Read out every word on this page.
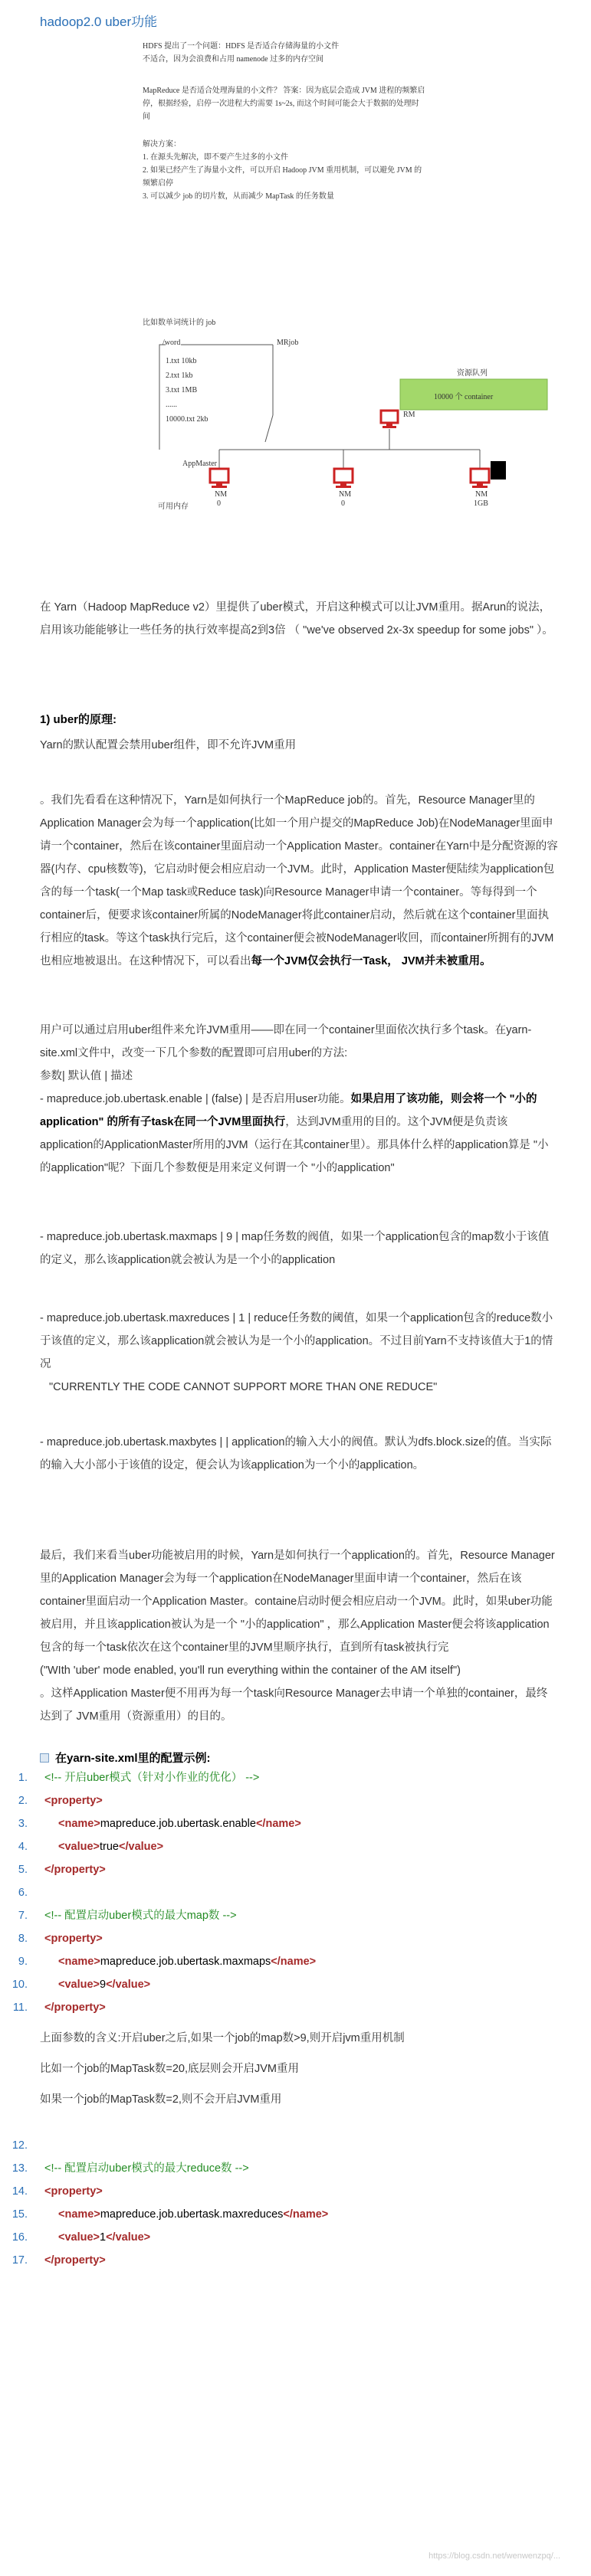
hadoop2.0 uber功能
HDFS 提出了一个问题：HDFS 是否适合存储海量的小文件
不适合，因为会浪费和占用 namenode 过多的内存空间
MapReduce 是否适合处理海量的小文件？ 答案：因为底层会造成 JVM 进程的频繁启
停，根据经验，启停一次进程大约需要 1s~2s, 而这个时间可能会大于数据的处理时
间
解决方案：
1. 在源头先解决，即不要产生过多的小文件
2. 如果已经产生了海量小文件，可以开启 Hadoop JVM 重用机制，可以避免 JVM 的
频繁启停
3. 可以减少 job 的切片数，从而减少 MapTask 的任务数量
比如数单词统计的 job
/word	MRjob
1.txt 10kb
2.txt 1kb
3.txt 1MB
......
10000.txt 2kb
资源队列
10000 个 container
RM
AppMaster
NM	NM	NM
可用内存	0	0	1GB

在 Yarn（Hadoop MapReduce v2）里提供了uber模式，开启这种模式可以让JVM重用。据Arun的说法，启用该功能能够让一些任务的执行效率提高2到3倍 （ "we've observed 2x-3x speedup for some jobs" ）。

1) uber的原理:

Yarn的默认配置会禁用uber组件，即不允许JVM重用

。我们先看看在这种情况下，Yarn是如何执行一个MapReduce job的。首先，Resource Manager里的Application Manager会为每一个application(比如一个用户提交的MapReduce Job)在NodeManager里面申请一个container，然后在该container里面启动一个Application Master。container在Yarn中是分配资源的容器(内存、cpu核数等)，它启动时便会相应启动一个JVM。此时，Application Master便陆续为application包含的每一个task(一个Map task或Reduce task)向Resource Manager申请一个container。等每得到一个container后，便要求该container所属的NodeManager将此container启动，然后就在这个container里面执行相应的task。等这个task执行完后，这个container便会被NodeManager收回，而container所拥有的JVM也相应地被退出。在这种情况下，可以看出每一个JVM仅会执行一Task， JVM并未被重用。

用户可以通过启用uber组件来允许JVM重用——即在同一个container里面依次执行多个task。在yarn-site.xml文件中，改变一下几个参数的配置即可启用uber的方法:

参数| 默认值 | 描述

- mapreduce.job.ubertask.enable | (false) | 是否启用user功能。如果启用了该功能，则会将一个 "小的application" 的所有子task在同一个JVM里面执行，达到JVM重用的目的。这个JVM便是负责该application的ApplicationMaster所用的JVM（运行在其container里）。那具体什么样的application算是 "小的application"呢？下面几个参数便是用来定义何谓一个 "小的application"

- mapreduce.job.ubertask.maxmaps | 9 | map任务数的阀值，如果一个application包含的map数小于该值的定义，那么该application就会被认为是一个小的application

- mapreduce.job.ubertask.maxreduces | 1 | reduce任务数的阈值，如果一个application包含的reduce数小于该值的定义，那么该application就会被认为是一个小的application。不过目前Yarn不支持该值大于1的情况

"CURRENTLY THE CODE CANNOT SUPPORT MORE THAN ONE REDUCE"

- mapreduce.job.ubertask.maxbytes | | application的输入大小的阀值。默认为dfs.block.size的值。当实际的输入大小部小于该值的设定，便会认为该application为一个小的application。

最后，我们来看当uber功能被启用的时候，Yarn是如何执行一个application的。首先，Resource Manager里的Application Manager会为每一个application在NodeManager里面申请一个container，然后在该container里面启动一个Application Master。containe启动时便会相应启动一个JVM。此时，如果uber功能被启用，并且该application被认为是一个 "小的application" ，那么Application Master便会将该application包含的每一个task依次在这个container里的JVM里顺序执行，直到所有task被执行完

("WIth 'uber' mode enabled, you'll run everything within the container of the AM itself")

。这样Application Master便不用再为每一个task向Resource Manager去申请一个单独的container，最终达到了 JVM重用（资源重用）的目的。

在yarn-site.xml里的配置示例:
1. <!-- 开启uber模式（针对小作业的优化） -->
2. <property>
3.	<name>mapreduce.job.ubertask.enable</name>
4.	<value>true</value>
5. </property>
6.
7. <!-- 配置启动uber模式的最大map数 -->
8. <property>
9.	<name>mapreduce.job.ubertask.maxmaps</name>
10.	<value>9</value>
11. </property>
上面参数的含义:开启uber之后,如果一个job的map数>9,则开启jvm重用机制
比如一个job的MapTask数=20,底层则会开启JVM重用
如果一个job的MapTask数=2,则不会开启JVM重用
12.
13. <!-- 配置启动uber模式的最大reduce数 -->
14. <property>
15.	<name>mapreduce.job.ubertask.maxreduces</name>
16.	<value>1</value>
17. </property>
https://blog.csdn.net/wenwenzpq/...
